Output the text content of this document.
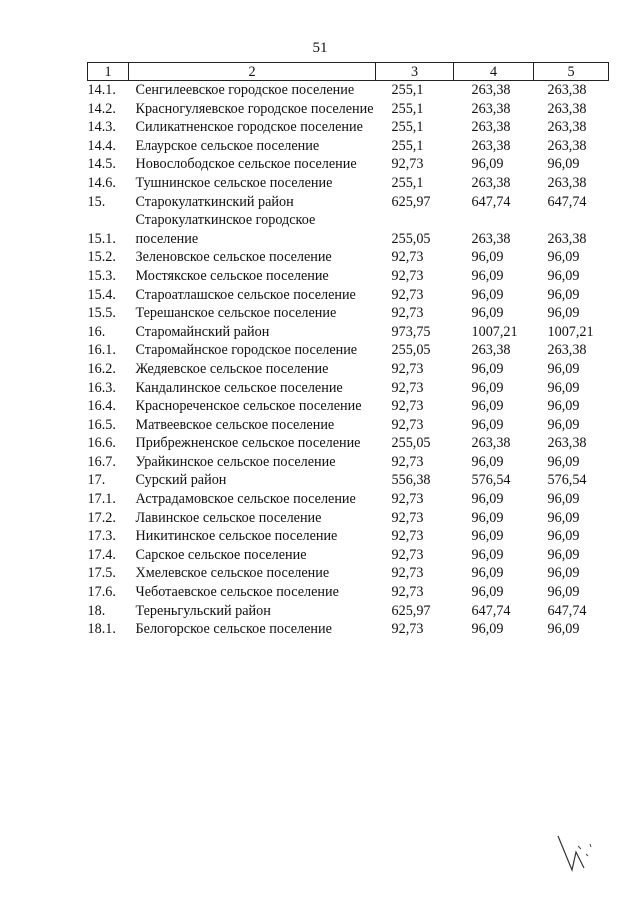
51
1	2	3	4	5
14.1.	Сенгилеевское городское поселение	255,1	263,38	263,38
14.2.	Красногуляевское городское поселение	255,1	263,38	263,38
14.3.	Силикатненское городское поселение	255,1	263,38	263,38
14.4.	Елаурское сельское поселение	255,1	263,38	263,38
14.5.	Новослободское сельское поселение	92,73	96,09	96,09
14.6.	Тушнинское сельское поселение	255,1	263,38	263,38
15.	Старокулаткинский район	625,97	647,74	647,74
15.1.	Старокулаткинское городское поселение	255,05	263,38	263,38
15.2.	Зеленовское сельское поселение	92,73	96,09	96,09
15.3.	Мостякское сельское поселение	92,73	96,09	96,09
15.4.	Староатлашское сельское поселение	92,73	96,09	96,09
15.5.	Терешанское сельское поселение	92,73	96,09	96,09
16.	Старомайнский район	973,75	1007,21	1007,21
16.1.	Старомайнское городское поселение	255,05	263,38	263,38
16.2.	Жедяевское сельское поселение	92,73	96,09	96,09
16.3.	Кандалинское сельское поселение	92,73	96,09	96,09
16.4.	Краснореченское сельское поселение	92,73	96,09	96,09
16.5.	Матвеевское сельское поселение	92,73	96,09	96,09
16.6.	Прибрежненское сельское поселение	255,05	263,38	263,38
16.7.	Урайкинское сельское поселение	92,73	96,09	96,09
17.	Сурский район	556,38	576,54	576,54
17.1.	Астрадамовское сельское поселение	92,73	96,09	96,09
17.2.	Лавинское сельское поселение	92,73	96,09	96,09
17.3.	Никитинское сельское поселение	92,73	96,09	96,09
17.4.	Сарское сельское поселение	92,73	96,09	96,09
17.5.	Хмелевское сельское поселение	92,73	96,09	96,09
17.6.	Чеботаевское сельское поселение	92,73	96,09	96,09
18.	Тереньгульский район	625,97	647,74	647,74
18.1.	Белогорское сельское поселение	92,73	96,09	96,09
